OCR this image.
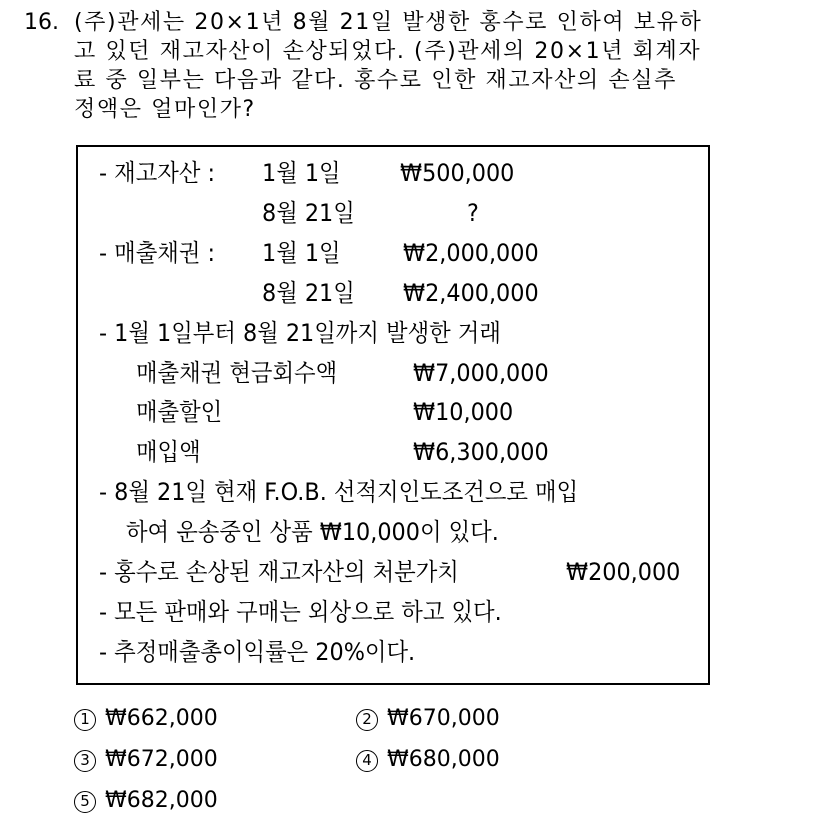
16. (주)관세는 20×1년 8월 21일 발생한 홍수로 인하여 보유하
고 있던 재고자산이 손상되었다. (주)관세의 20×1년 회계자
료 중 일부는 다음과 같다. 홍수로 인한 재고자산의 손실추
정액은 얼마인가?
- 재고자산 : 1월 1일 ₩500,000
8월 21일	?
- 매출채권 : 1월 1일	₩2,000,000
8월 21일 ₩2,400,000
- 1월 1일부터 8월 21일까지 발생한 거래
매출채권 현금회수액	₩7,000,000
매출할인	₩10,000
매입액	₩6,300,000
- 8월 21일 현재 F.O.B. 선적지인도조건으로 매입
하여 운송중인 상품 ₩10,000이 있다.
- 홍수로 손상된 재고자산의 처분가치	₩200,000
- 모든 판매와 구매는 외상으로 하고 있다.
- 추정매출총이익률은 20%이다.
1 ₩662,000	2 ₩670,000
3 ₩672,000	4 ₩680,000
5 ₩682,000
